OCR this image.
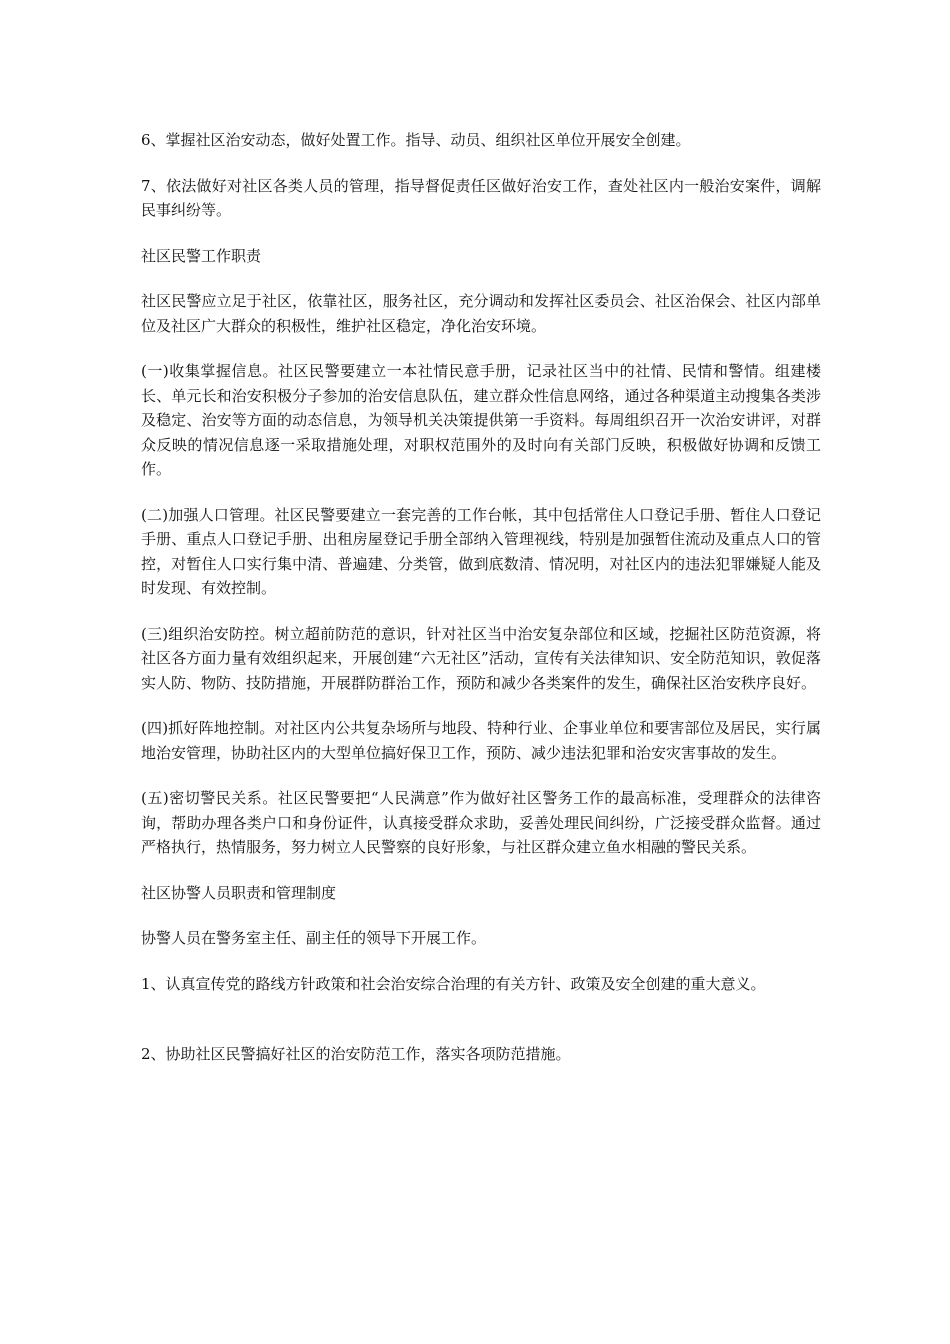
6、掌握社区治安动态，做好处置工作。指导、动员、组织社区单位开展安全创建。

7、依法做好对社区各类人员的管理，指导督促责任区做好治安工作，查处社区内一般治安案件，调解民事纠纷等。

社区民警工作职责

社区民警应立足于社区，依靠社区，服务社区，充分调动和发挥社区委员会、社区治保会、社区内部单位及社区广大群众的积极性，维护社区稳定，净化治安环境。

(一)收集掌握信息。社区民警要建立一本社情民意手册，记录社区当中的社情、民情和警情。组建楼长、单元长和治安积极分子参加的治安信息队伍，建立群众性信息网络，通过各种渠道主动搜集各类涉及稳定、治安等方面的动态信息，为领导机关决策提供第一手资料。每周组织召开一次治安讲评，对群众反映的情况信息逐一采取措施处理，对职权范围外的及时向有关部门反映，积极做好协调和反馈工作。

(二)加强人口管理。社区民警要建立一套完善的工作台帐，其中包括常住人口登记手册、暂住人口登记手册、重点人口登记手册、出租房屋登记手册全部纳入管理视线，特别是加强暂住流动及重点人口的管控，对暂住人口实行集中清、普遍建、分类管，做到底数清、情况明，对社区内的违法犯罪嫌疑人能及时发现、有效控制。

(三)组织治安防控。树立超前防范的意识，针对社区当中治安复杂部位和区域，挖掘社区防范资源，将社区各方面力量有效组织起来，开展创建“六无社区”活动，宣传有关法律知识、安全防范知识，敦促落实人防、物防、技防措施，开展群防群治工作，预防和减少各类案件的发生，确保社区治安秩序良好。

(四)抓好阵地控制。对社区内公共复杂场所与地段、特种行业、企事业单位和要害部位及居民，实行属地治安管理，协助社区内的大型单位搞好保卫工作，预防、减少违法犯罪和治安灾害事故的发生。

(五)密切警民关系。社区民警要把“人民满意”作为做好社区警务工作的最高标准，受理群众的法律咨询，帮助办理各类户口和身份证件，认真接受群众求助，妥善处理民间纠纷，广泛接受群众监督。通过严格执行，热情服务，努力树立人民警察的良好形象，与社区群众建立鱼水相融的警民关系。

社区协警人员职责和管理制度

协警人员在警务室主任、副主任的领导下开展工作。

1、认真宣传党的路线方针政策和社会治安综合治理的有关方针、政策及安全创建的重大意义。

2、协助社区民警搞好社区的治安防范工作，落实各项防范措施。
